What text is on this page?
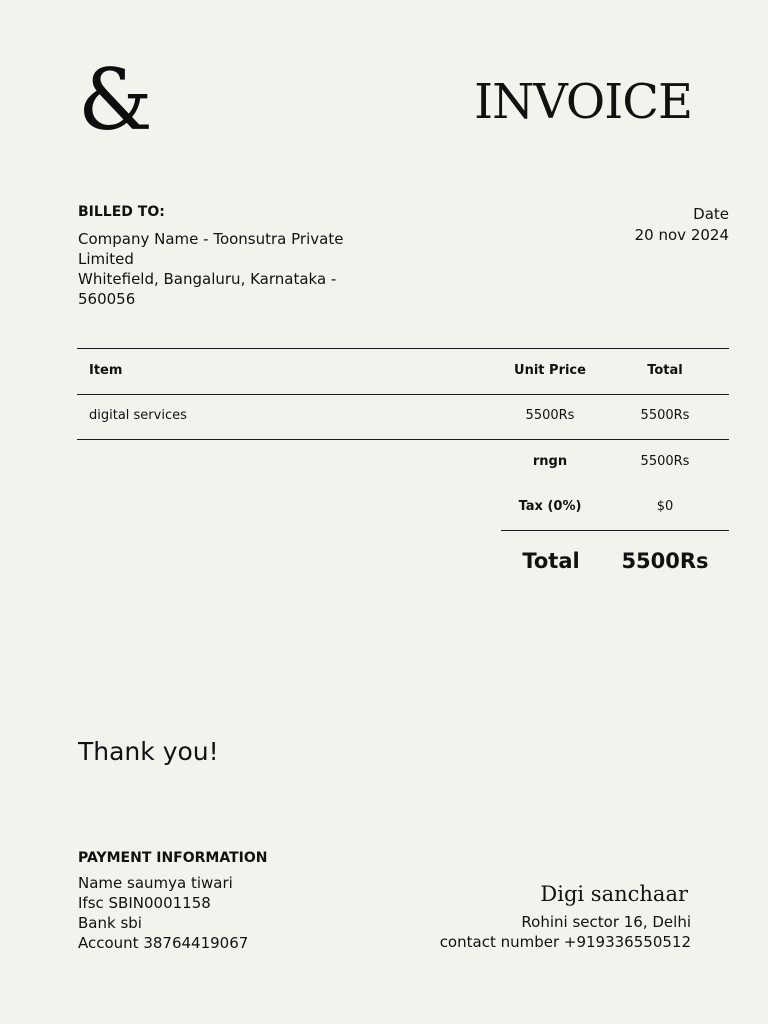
&	INVOICE
BILLED TO:
Company Name - Toonsutra Private Limited
Whitefield, Bangaluru, Karnataka - 560056
Date
20 nov 2024
Item	Unit Price	Total
digital services	5500Rs	5500Rs
rngn	5500Rs
Tax (0%)	$0
Total	5500Rs
Thank you!
PAYMENT INFORMATION
Name saumya tiwari
Ifsc SBIN0001158
Bank sbi
Account 38764419067
Digi sanchaar
Rohini sector 16, Delhi
contact number +919336550512
